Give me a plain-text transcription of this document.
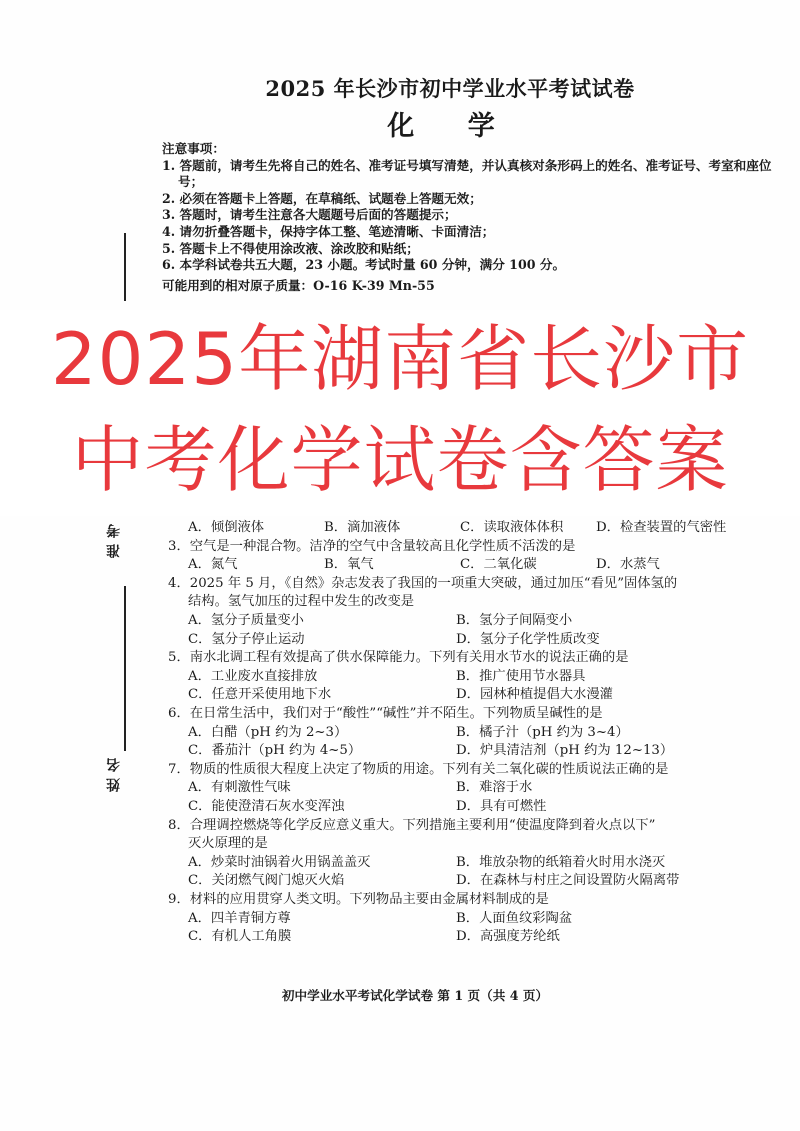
2025 年长沙市初中学业水平考试试卷
化 学
注意事项：
1. 答题前，请考生先将自己的姓名、准考证号填写清楚，并认真核对条形码上的姓名、准考证号、考室和座位号；
2. 必须在答题卡上答题，在草稿纸、试题卷上答题无效；
3. 答题时，请考生注意各大题题号后面的答题提示；
4. 请勿折叠答题卡，保持字体工整、笔迹清晰、卡面清洁；
5. 答题卡上不得使用涂改液、涂改胶和贴纸；
6. 本学科试卷共五大题，23 小题。考试时量 60 分钟，满分 100 分。
可能用到的相对原子质量：O-16 K-39 Mn-55
准考
姓名
2025年湖南省长沙市
中考化学试卷含答案
A．倾倒液体	B．滴加液体	C．读取液体体积	D．检查装置的气密性
3．空气是一种混合物。洁净的空气中含量较高且化学性质不活泼的是
A．氮气	B．氧气	C．二氧化碳	D．水蒸气
4．2025 年 5 月，《自然》杂志发表了我国的一项重大突破，通过加压“看见”固体氢的
结构。氢气加压的过程中发生的改变是
A．氢分子质量变小	B．氢分子间隔变小
C．氢分子停止运动	D．氢分子化学性质改变
5．南水北调工程有效提高了供水保障能力。下列有关用水节水的说法正确的是
A．工业废水直接排放	B．推广使用节水器具
C．任意开采使用地下水	D．园林种植提倡大水漫灌
6．在日常生活中，我们对于“酸性”“碱性”并不陌生。下列物质呈碱性的是
A．白醋（pH 约为 2~3）	B．橘子汁（pH 约为 3~4）
C．番茄汁（pH 约为 4~5）	D．炉具清洁剂（pH 约为 12~13）
7．物质的性质很大程度上决定了物质的用途。下列有关二氧化碳的性质说法正确的是
A．有刺激性气味	B．难溶于水
C．能使澄清石灰水变浑浊	D．具有可燃性
8．合理调控燃烧等化学反应意义重大。下列措施主要利用“使温度降到着火点以下”
灭火原理的是
A．炒菜时油锅着火用锅盖盖灭	B．堆放杂物的纸箱着火时用水浇灭
C．关闭燃气阀门熄灭火焰	D．在森林与村庄之间设置防火隔离带
9．材料的应用贯穿人类文明。下列物品主要由金属材料制成的是
A．四羊青铜方尊	B．人面鱼纹彩陶盆
C．有机人工角膜	D．高强度芳纶纸
初中学业水平考试化学试卷 第 1 页（共 4 页）
